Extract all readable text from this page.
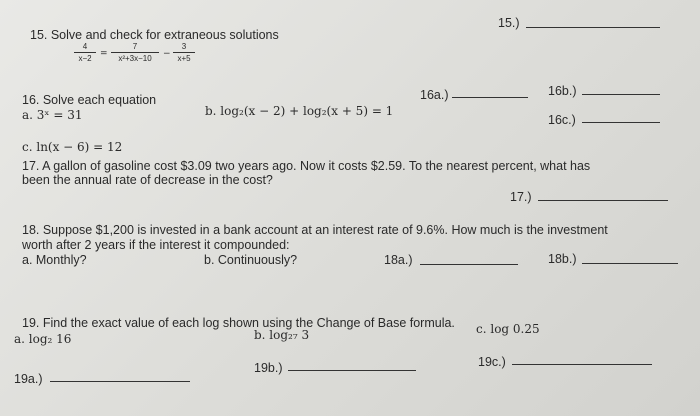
15. Solve and check for extraneous solutions
15.)
4
x−2 =
7
x²+3x−10	−
3
x+5
16. Solve each equation
a. 3ˣ = 31	b. log₂(x − 2) + log₂(x + 5) = 1
c. ln(x − 6) = 12
16a.)	16b.)
16c.)
17. A gallon of gasoline cost $3.09 two years ago. Now it costs $2.59. To the nearest percent, what has
been the annual rate of decrease in the cost?
17.)
18. Suppose $1,200 is invested in a bank account at an interest rate of 9.6%. How much is the investment
worth after 2 years if the interest it compounded:
a. Monthly?	b. Continuously?	18a.)	18b.)
19. Find the exact value of each log shown using the Change of Base formula.
a. log₂ 16	b. log₂₇ 3	c. log 0.25
19a.)
19b.)	19c.)
